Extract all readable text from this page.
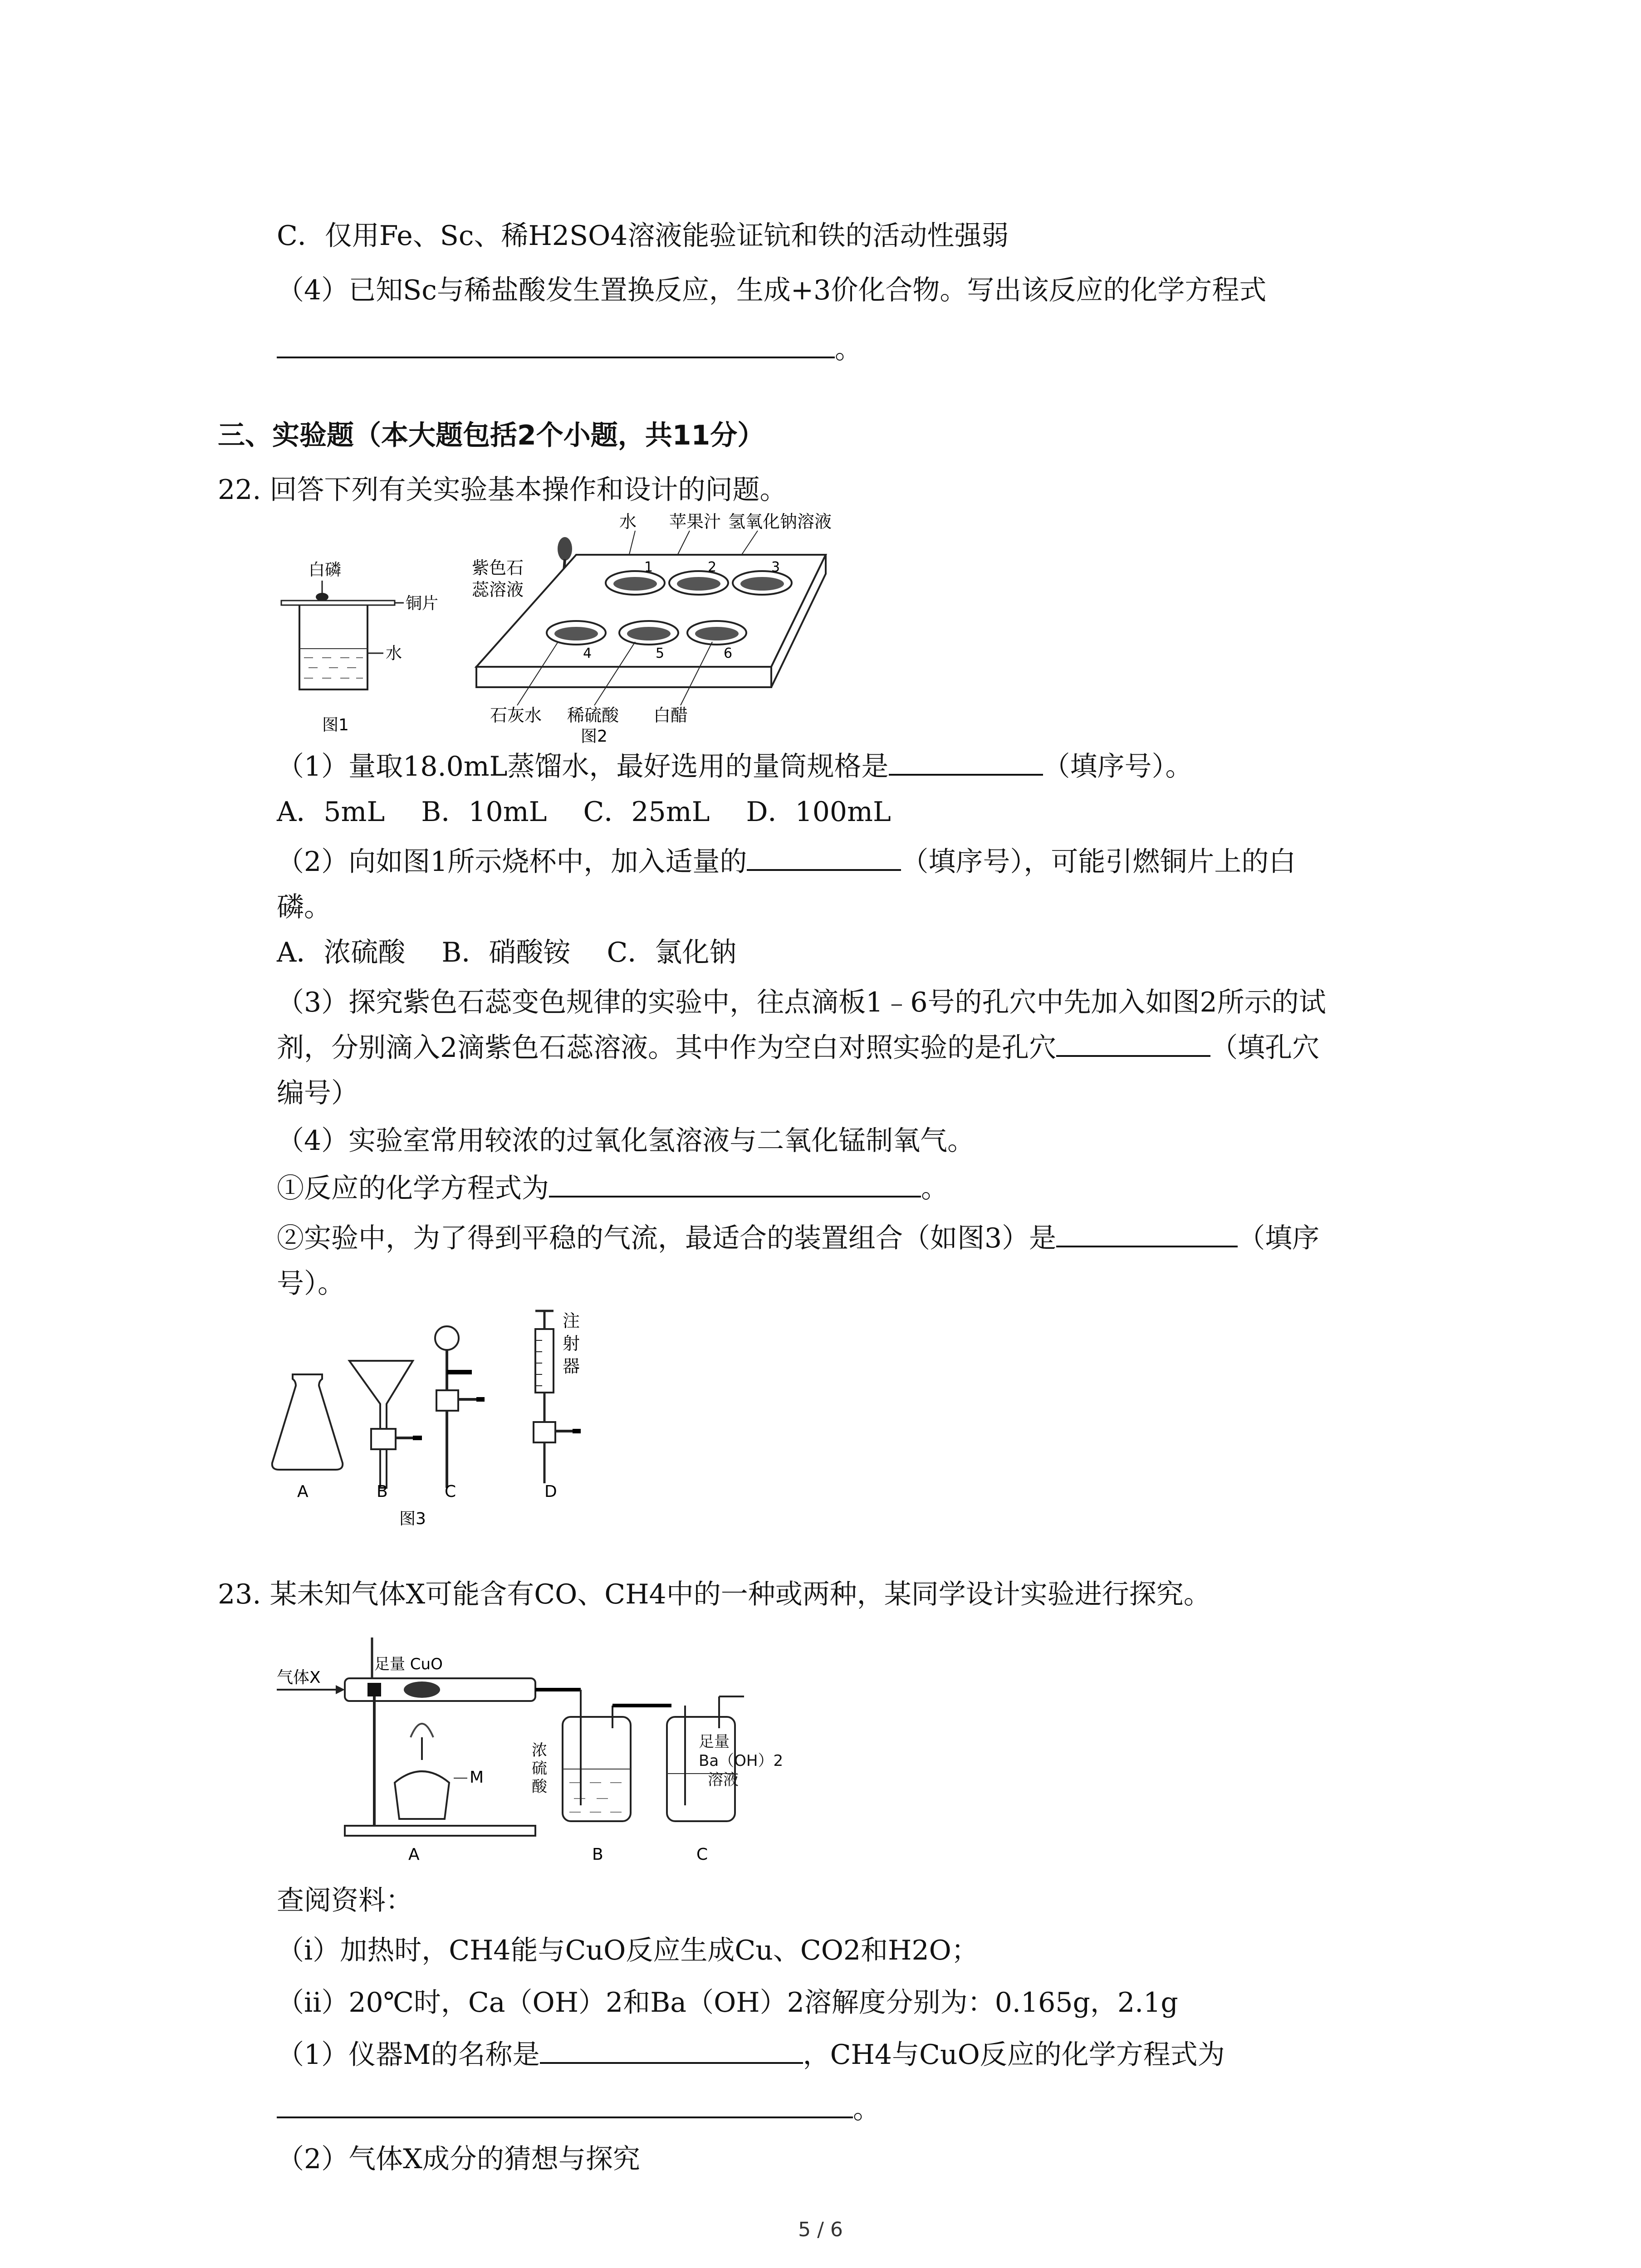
C．仅用Fe、Sc、稀H2SO4溶液能验证钪和铁的活动性强弱
（4）已知Sc与稀盐酸发生置换反应，生成+3价化合物。写出该反应的化学方程式
。
三、实验题（本大题包括2个小题，共11分）
22. 回答下列有关实验基本操作和设计的问题。
白磷
铜片
水
图1
水 苹果汁 氢氧化钠溶液
紫色石
蕊溶液
1	2	3
4	5	6
石灰水 稀硫酸 白醋
图2
（1）量取18.0mL蒸馏水，最好选用的量筒规格是	（填序号）。
A．5mL B．10mL C．25mL D．100mL
（2）向如图1所示烧杯中，加入适量的	（填序号），可能引燃铜片上的白
磷。
A．浓硫酸 B．硝酸铵 C．氯化钠
（3）探究紫色石蕊变色规律的实验中，往点滴板1﹣6号的孔穴中先加入如图2所示的试
剂，分别滴入2滴紫色石蕊溶液。其中作为空白对照实验的是孔穴	（填孔穴
编号）
（4）实验室常用较浓的过氧化氢溶液与二氧化锰制氧气。
①反应的化学方程式为	。
②实验中，为了得到平稳的气流，最适合的装置组合（如图3）是	（填序
号）。
A	B	C
注
射
器
D
图3
23. 某未知气体X可能含有CO、CH4中的一种或两种，某同学设计实验进行探究。
气体X
足量 CuO
M
A
浓
硫
酸
B	C
足量
Ba（OH）2
溶液
查阅资料：
（ⅰ）加热时，CH4能与CuO反应生成Cu、CO2和H2O；
（ⅱ）20℃时，Ca（OH）2和Ba（OH）2溶解度分别为：0.165g，2.1g
（1）仪器M的名称是	，CH4与CuO反应的化学方程式为
。
（2）气体X成分的猜想与探究
5 / 6
